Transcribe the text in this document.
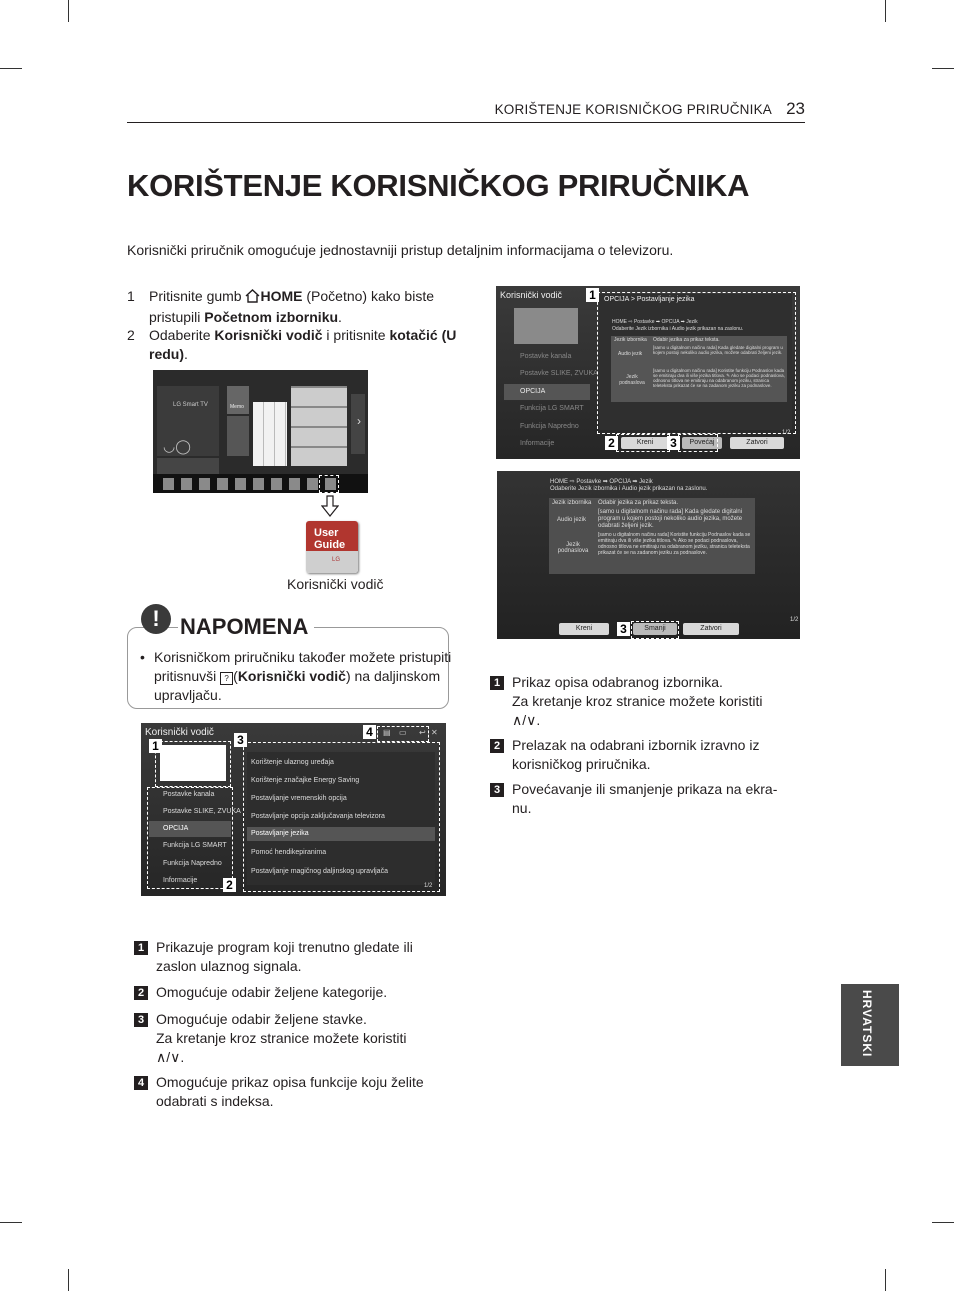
KORIŠTENJE KORISNIČKOG PRIRUČNIKA 23
KORIŠTENJE KORISNIČKOG PRIRUČNIKA
Korisnički priručnik omogućuje jednostavniji pristup detaljnim informacijama o televizoru.
1 Pritisnite gumb HOME (Početno) kako biste pristupili Početnom izborniku.
2 Odaberite Korisnički vodič i pritisnite kotačić (U redu).
LG Smart TV
◡◯
Memo
›
User
Guide
LG
Korisnički vodič
! NAPOMENA
• Korisničkom priručniku također možete pristupiti pritisnuvši ? (Korisnički vodič) na daljinskom upravljaču.
Korisnički vodič	▤ ▭ ↩ ✕
4
1
2
Postavke kanala
Postavke SLIKE, ZVUKA
OPCIJA
Funkcija LG SMART
Funkcija Napredno
Informacije
3
Korištenje ulaznog uređaja
Korištenje značajke Energy Saving
Postavljanje vremenskih opcija
Postavljanje opcija zaključavanja televizora
Postavljanje jezika
Pomoć hendikepiranima
Postavljanje magičnog daljinskog upravljača
1/2
1 Prikazuje program koji trenutno gledate ili zaslon ulaznog signala.
2 Omogućuje odabir željene kategorije.
3 Omogućuje odabir željene stavke.
Za kretanje kroz stranice možete koristiti
∧/∨.
4 Omogućuje prikaz opisa funkcije koju želite odabrati s indeksa.
Korisnički vodič
Postavke kanala
Postavke SLIKE, ZVUKA
OPCIJA
Funkcija LG SMART
Funkcija Napredno
Informacije
1	OPCIJA > Postavljanje jezika
HOME ⇨ Postavke ➡ OPCIJA ➡ Jezik
Odaberite Jezik izbornika i Audio jezik prikazan na zaslonu.
Jezik izbornika Odabir jezika za prikaz teksta.
Audio jezik
[samo u digitalnom načinu rada] Kada gledate digitalni program u kojem postoji nekoliko audio jezika, možete odabrati željeni jezik.
Jezik podnaslova
[samo u digitalnom načinu rada] Koristite funkciju Podnaslov kada se emitiraju dva ili više jezika titlova. ✎ Ako se podaci podnaslova, odnosno titlova ne emitiraju na odabranom jeziku, stranica teleteksta prikazat će se na zadanom jeziku za podnaslove.
1/2
Kreni	Povećaj	Zatvori
2	3
HOME ⇨ Postavke ➡ OPCIJA ➡ Jezik
Odaberite Jezik izbornika i Audio jezik prikazan na zaslonu.
Jezik izbornika Odabir jezika za prikaz teksta.
Audio jezik
[samo u digitalnom načinu rada] Kada gledate digitalni program u kojem postoji nekoliko audio jezika, možete odabrati željeni jezik.
Jezik podnaslova
[samo u digitalnom načinu rada] Koristite funkciju Podnaslov kada se emitiraju dva ili više jezika titlova. ✎ Ako se podaci podnaslova, odnosno titlova ne emitiraju na odabranom jeziku, stranica teleteksta prikazat će se na zadanom jeziku za podnaslove.
1/2
Kreni	Smanji	Zatvori
3
1 Prikaz opisa odabranog izbornika.
Za kretanje kroz stranice možete koristiti
∧/∨.
2 Prelazak na odabrani izbornik izravno iz korisničkog priručnika.
3 Povećavanje ili smanjenje prikaza na ekra-nu.
HRVATSKI
